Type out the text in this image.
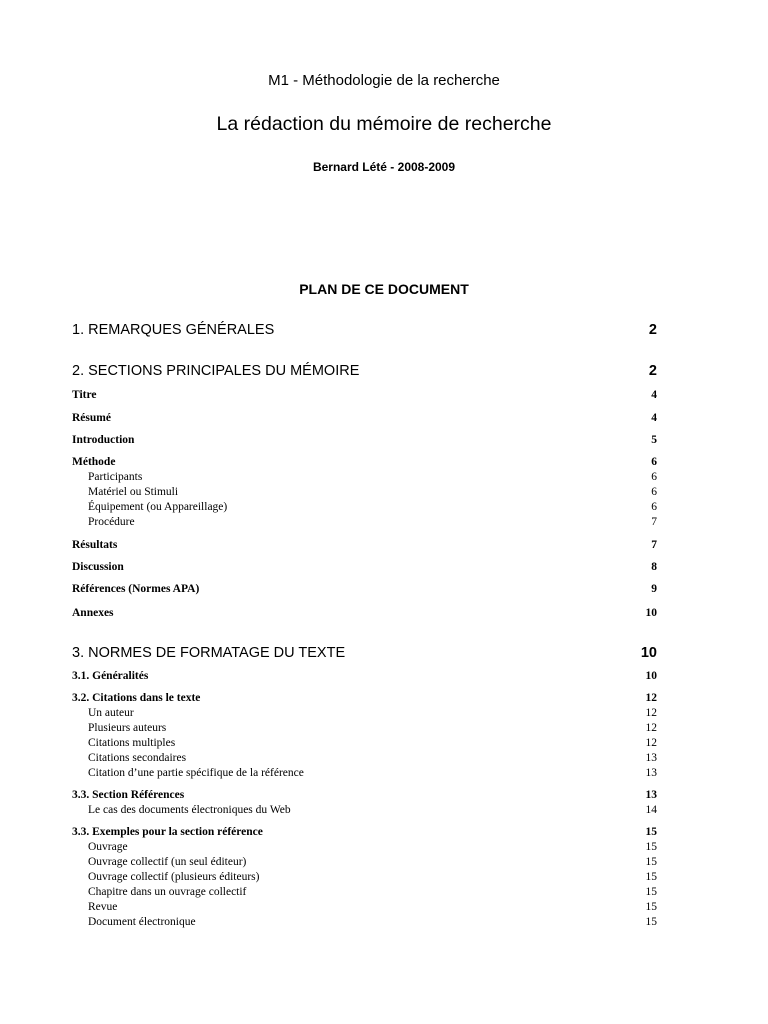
M1 - Méthodologie de la recherche
La rédaction du mémoire de recherche
Bernard Lété - 2008-2009
PLAN DE CE DOCUMENT
1. REMARQUES GÉNÉRALES	2
2. SECTIONS PRINCIPALES DU MÉMOIRE	2
Titre	4
Résumé	4
Introduction	5
Méthode	6
Participants	6
Matériel ou Stimuli	6
Équipement (ou Appareillage)	6
Procédure	7
Résultats	7
Discussion	8
Références (Normes APA)	9
Annexes	10
3. NORMES DE FORMATAGE DU TEXTE	10
3.1. Généralités	10
3.2. Citations dans le texte	12
Un auteur	12
Plusieurs auteurs	12
Citations multiples	12
Citations secondaires	13
Citation d’une partie spécifique de la référence	13
3.3. Section Références	13
Le cas des documents électroniques du Web	14
3.3. Exemples pour la section référence	15
Ouvrage	15
Ouvrage collectif (un seul éditeur)	15
Ouvrage collectif (plusieurs éditeurs)	15
Chapitre dans un ouvrage collectif	15
Revue	15
Document électronique	15
